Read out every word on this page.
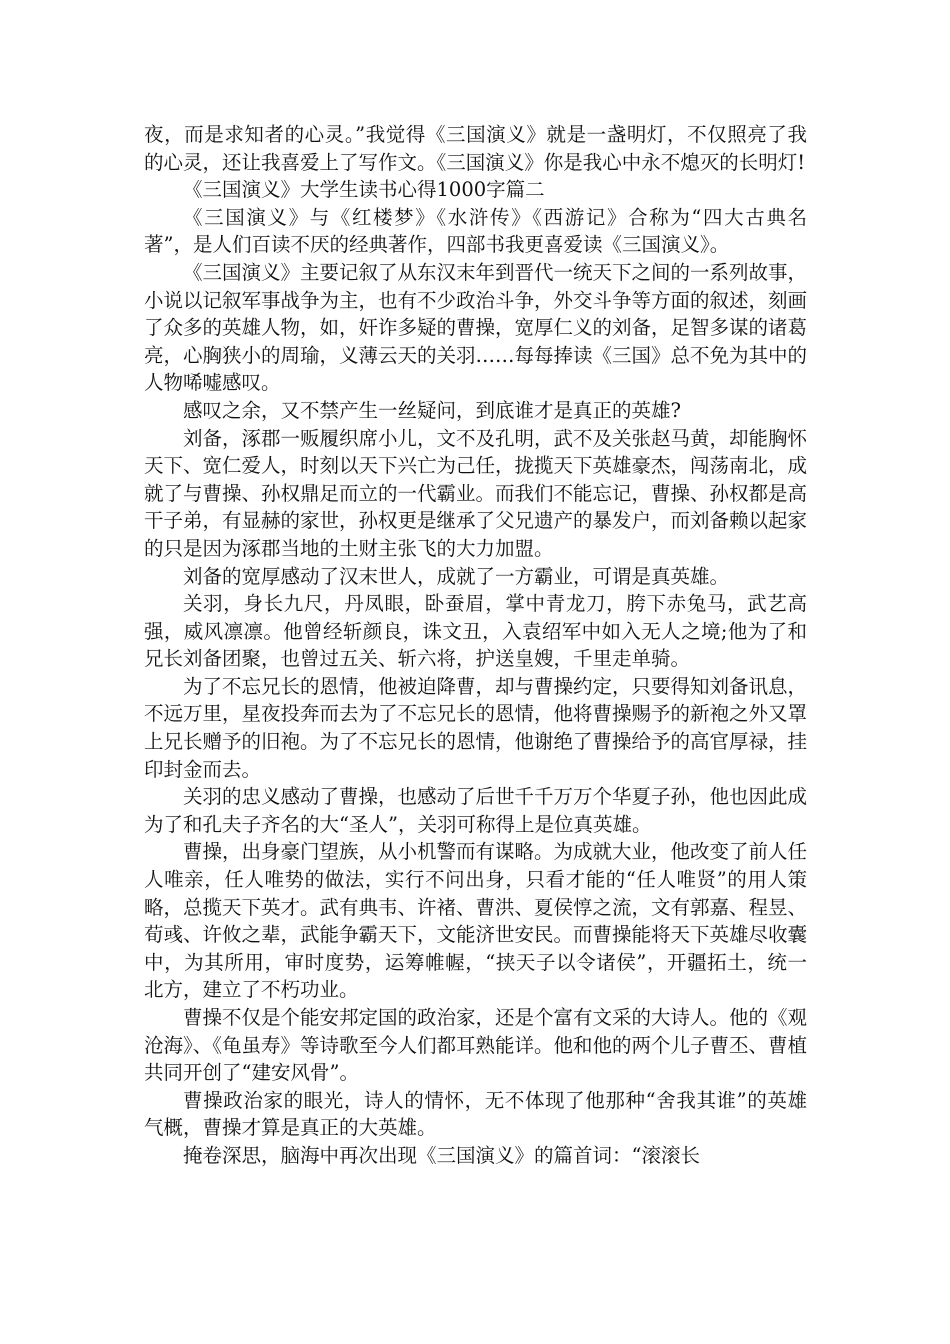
夜，而是求知者的心灵。”我觉得《三国演义》就是一盏明灯，不仅照亮了我的心灵，还让我喜爱上了写作文。《三国演义》你是我心中永不熄灭的长明灯!

《三国演义》大学生读书心得1000字篇二

《三国演义》与《红楼梦》《水浒传》《西游记》合称为“四大古典名著”，是人们百读不厌的经典著作，四部书我更喜爱读《三国演义》。

《三国演义》主要记叙了从东汉末年到晋代一统天下之间的一系列故事，小说以记叙军事战争为主，也有不少政治斗争，外交斗争等方面的叙述，刻画了众多的英雄人物，如，奸诈多疑的曹操，宽厚仁义的刘备，足智多谋的诸葛亮，心胸狭小的周瑜，义薄云天的关羽……每每捧读《三国》总不免为其中的人物唏嘘感叹。

感叹之余，又不禁产生一丝疑问，到底谁才是真正的英雄?

刘备，涿郡一贩履织席小儿，文不及孔明，武不及关张赵马黄，却能胸怀天下、宽仁爱人，时刻以天下兴亡为己任，拢揽天下英雄豪杰，闯荡南北，成就了与曹操、孙权鼎足而立的一代霸业。而我们不能忘记，曹操、孙权都是高干子弟，有显赫的家世，孙权更是继承了父兄遗产的暴发户，而刘备赖以起家的只是因为涿郡当地的土财主张飞的大力加盟。

刘备的宽厚感动了汉末世人，成就了一方霸业，可谓是真英雄。

关羽，身长九尺，丹凤眼，卧蚕眉，掌中青龙刀，胯下赤兔马，武艺高强，威风凛凛。他曾经斩颜良，诛文丑，入袁绍军中如入无人之境;他为了和兄长刘备团聚，也曾过五关、斩六将，护送皇嫂，千里走单骑。

为了不忘兄长的恩情，他被迫降曹，却与曹操约定，只要得知刘备讯息，不远万里，星夜投奔而去为了不忘兄长的恩情，他将曹操赐予的新袍之外又罩上兄长赠予的旧袍。为了不忘兄长的恩情，他谢绝了曹操给予的高官厚禄，挂印封金而去。

关羽的忠义感动了曹操，也感动了后世千千万万个华夏子孙，他也因此成为了和孔夫子齐名的大“圣人”，关羽可称得上是位真英雄。

曹操，出身豪门望族，从小机警而有谋略。为成就大业，他改变了前人任人唯亲，任人唯势的做法，实行不问出身，只看才能的“任人唯贤”的用人策略，总揽天下英才。武有典韦、许褚、曹洪、夏侯惇之流，文有郭嘉、程昱、荀彧、许攸之辈，武能争霸天下，文能济世安民。而曹操能将天下英雄尽收囊中，为其所用，审时度势，运筹帷幄，“挟天子以令诸侯”，开疆拓土，统一北方，建立了不朽功业。

曹操不仅是个能安邦定国的政治家，还是个富有文采的大诗人。他的《观沧海》、《龟虽寿》等诗歌至今人们都耳熟能详。他和他的两个儿子曹丕、曹植共同开创了“建安风骨”。

曹操政治家的眼光，诗人的情怀，无不体现了他那种“舍我其谁”的英雄气概，曹操才算是真正的大英雄。

掩卷深思，脑海中再次出现《三国演义》的篇首词：“滚滚长
